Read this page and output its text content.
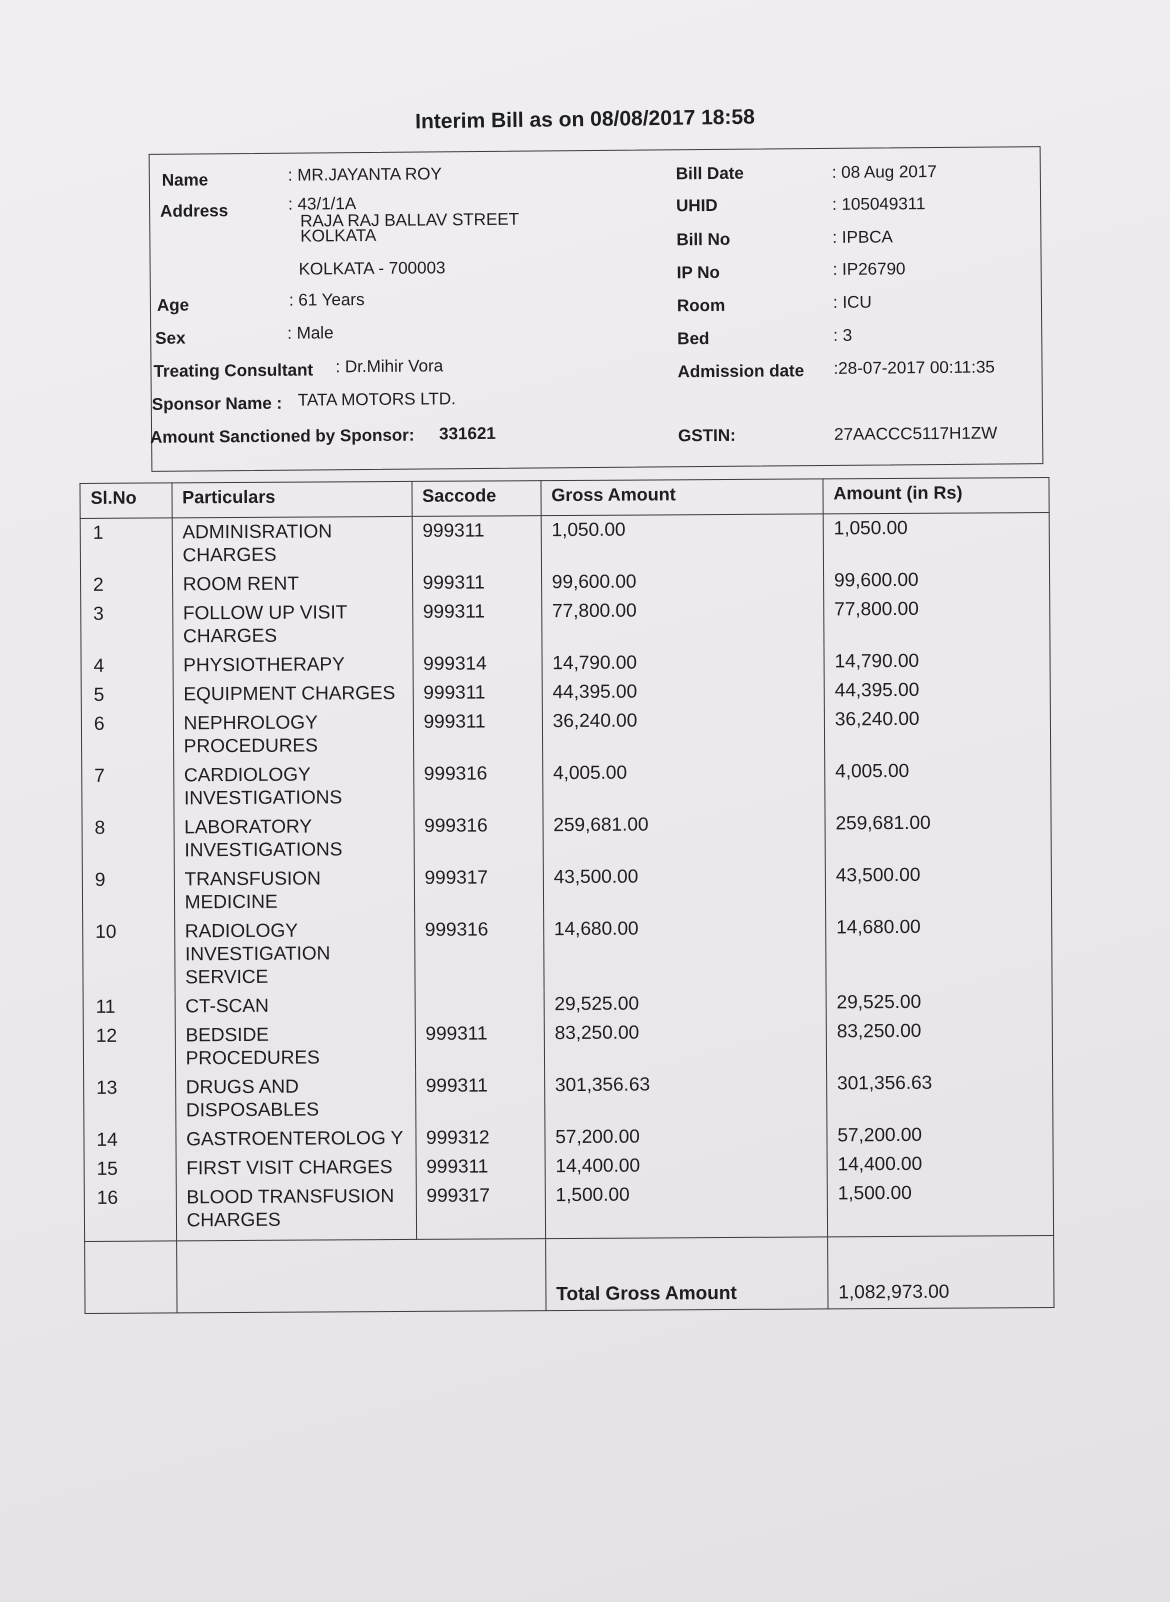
Interim Bill as on 08/08/2017 18:58
Name	: MR.JAYANTA ROY
Address	: 43/1/1A
RAJA RAJ BALLAV STREET
KOLKATA
KOLKATA - 700003
Age	: 61 Years
Sex	: Male
Treating Consultant : Dr.Mihir Vora
Sponsor Name : TATA MOTORS LTD.
Amount Sanctioned by Sponsor: 331621
Bill Date	: 08 Aug 2017
UHID	: 105049311
Bill No	: IPBCA
IP No	: IP26790
Room	: ICU
Bed	: 3
Admission date :28-07-2017 00:11:35
GSTIN:	27AACCC5117H1ZW
Sl.No	Particulars	Saccode	Gross Amount	Amount (in Rs)
1	ADMINISRATION CHARGES	999311	1,050.00	1,050.00
2	ROOM RENT	999311	99,600.00	99,600.00
3	FOLLOW UP VISIT CHARGES	999311	77,800.00	77,800.00
4	PHYSIOTHERAPY	999314	14,790.00	14,790.00
5	EQUIPMENT CHARGES	999311	44,395.00	44,395.00
6	NEPHROLOGY PROCEDURES	999311	36,240.00	36,240.00
7	CARDIOLOGY INVESTIGATIONS	999316	4,005.00	4,005.00
8	LABORATORY INVESTIGATIONS	999316	259,681.00	259,681.00
9	TRANSFUSION MEDICINE	999317	43,500.00	43,500.00
10	RADIOLOGY INVESTIGATION SERVICE	999316	14,680.00	14,680.00
11	CT-SCAN		29,525.00	29,525.00
12	BEDSIDE PROCEDURES	999311	83,250.00	83,250.00
13	DRUGS AND DISPOSABLES	999311	301,356.63	301,356.63
14	GASTROENTEROLOG Y	999312	57,200.00	57,200.00
15	FIRST VISIT CHARGES	999311	14,400.00	14,400.00
16	BLOOD TRANSFUSION CHARGES	999317	1,500.00	1,500.00
			Total Gross Amount	1,082,973.00
